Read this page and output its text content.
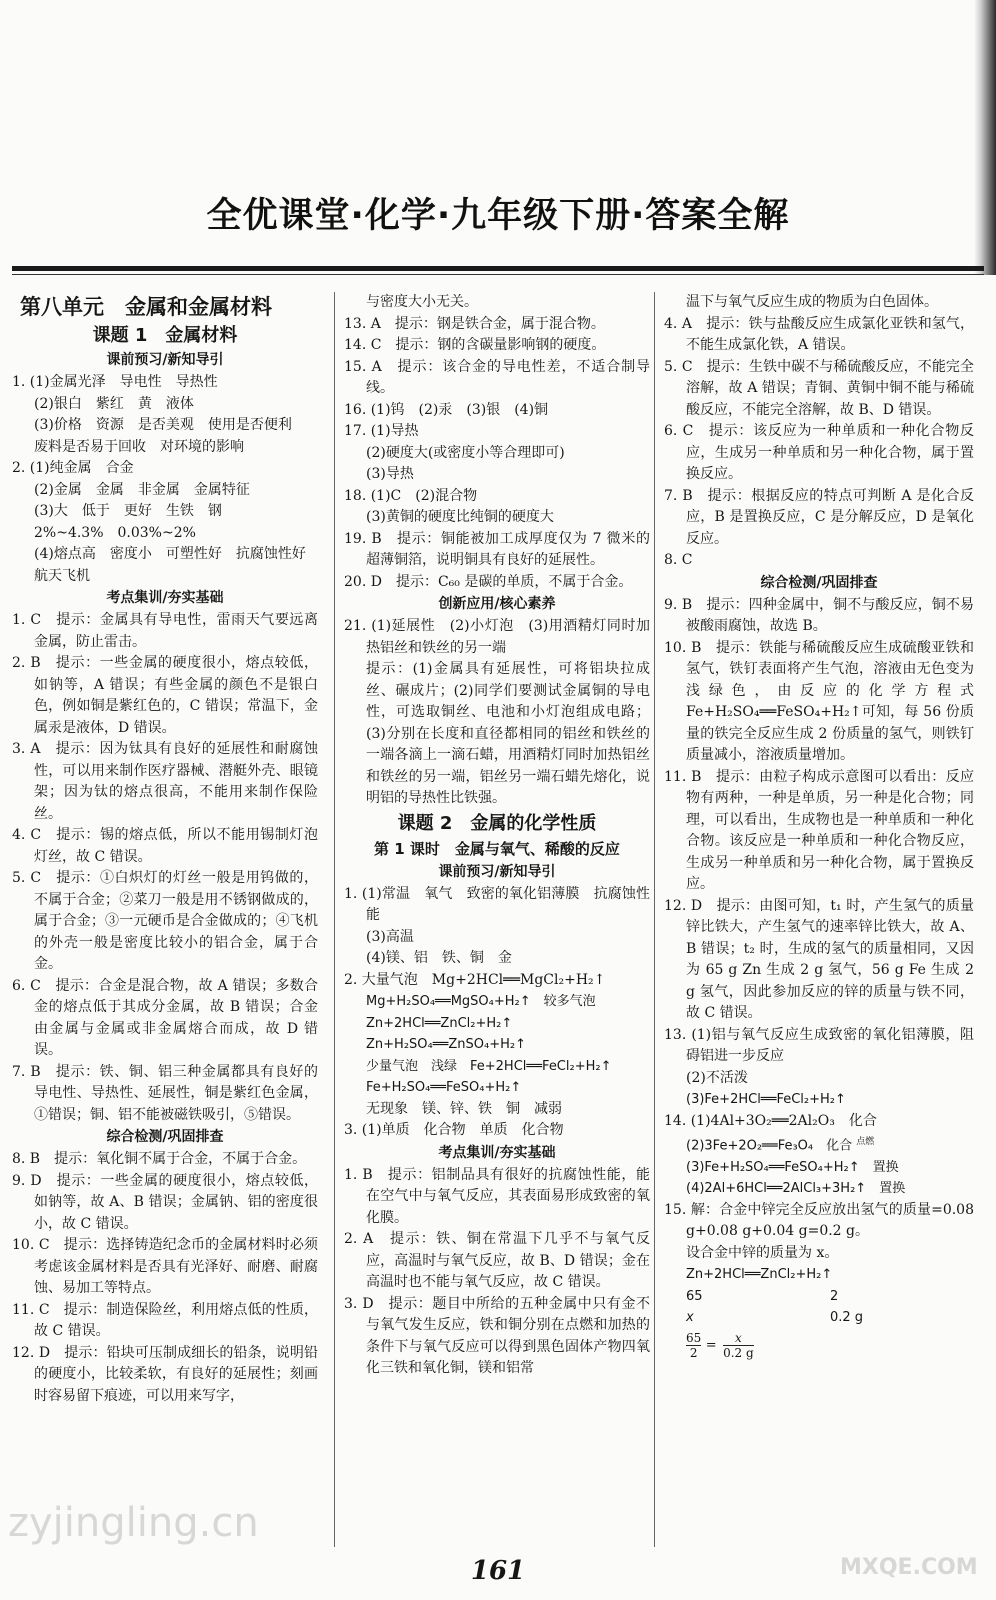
全优课堂·化学·九年级下册·答案全解
第八单元　金属和金属材料
课题 1　金属材料
课前预习/新知导引

1. (1)金属光泽　导电性　导热性

(2)银白　紫红　黄　液体

(3)价格　资源　是否美观　使用是否便利　废料是否易于回收　对环境的影响

2. (1)纯金属　合金

(2)金属　金属　非金属　金属特征

(3)大　低于　更好　生铁　钢

2%~4.3%　0.03%~2%

(4)熔点高　密度小　可塑性好　抗腐蚀性好　航天飞机

考点集训/夯实基础

1. C　提示：金属具有导电性，雷雨天气要远离金属，防止雷击。

2. B　提示：一些金属的硬度很小，熔点较低，如钠等，A 错误；有些金属的颜色不是银白色，例如铜是紫红色的，C 错误；常温下，金属汞是液体，D 错误。

3. A　提示：因为钛具有良好的延展性和耐腐蚀性，可以用来制作医疗器械、潜艇外壳、眼镜架；因为钛的熔点很高，不能用来制作保险丝。

4. C　提示：锡的熔点低，所以不能用锡制灯泡灯丝，故 C 错误。

5. C　提示：①白炽灯的灯丝一般是用钨做的，不属于合金；②菜刀一般是用不锈钢做成的，属于合金；③一元硬币是合金做成的；④飞机的外壳一般是密度比较小的铝合金，属于合金。

6. C　提示：合金是混合物，故 A 错误；多数合金的熔点低于其成分金属，故 B 错误；合金由金属与金属或非金属熔合而成，故 D 错误。

7. B　提示：铁、铜、铝三种金属都具有良好的导电性、导热性、延展性，铜是紫红色金属，①错误；铜、铝不能被磁铁吸引，⑤错误。

综合检测/巩固排查

8. B　提示：氧化铜不属于合金，不属于合金。

9. D　提示：一些金属的硬度很小，熔点较低，如钠等，故 A、B 错误；金属钠、铝的密度很小，故 C 错误。

10. C　提示：选择铸造纪念币的金属材料时必须考虑该金属材料是否具有光泽好、耐磨、耐腐蚀、易加工等特点。

11. C　提示：制造保险丝，利用熔点低的性质，故 C 错误。

12. D　提示：铅块可压制成细长的铅条，说明铅的硬度小，比较柔软，有良好的延展性；刻画时容易留下痕迹，可以用来写字，

与密度大小无关。

13. A　提示：钢是铁合金，属于混合物。

14. C　提示：钢的含碳量影响钢的硬度。

15. A　提示：该合金的导电性差，不适合制导线。

16. (1)钨　(2)汞　(3)银　(4)铜

17. (1)导热

(2)硬度大(或密度小等合理即可)

(3)导热

18. (1)C　(2)混合物

(3)黄铜的硬度比纯铜的硬度大

19. B　提示：铜能被加工成厚度仅为 7 微米的超薄铜箔，说明铜具有良好的延展性。

20. D　提示：C₆₀ 是碳的单质，不属于合金。

创新应用/核心素养

21. (1)延展性　(2)小灯泡　(3)用酒精灯同时加热铝丝和铁丝的另一端

提示：(1)金属具有延展性，可将铝块拉成丝、碾成片；(2)同学们要测试金属铜的导电性，可选取铜丝、电池和小灯泡组成电路；(3)分别在长度和直径都相同的铝丝和铁丝的一端各滴上一滴石蜡，用酒精灯同时加热铝丝和铁丝的另一端，铝丝另一端石蜡先熔化，说明铝的导热性比铁强。

课题 2　金属的化学性质
第 1 课时　金属与氧气、稀酸的反应
课前预习/新知导引

1. (1)常温　氧气　致密的氧化铝薄膜　抗腐蚀性能

(3)高温

(4)镁、铝　铁、铜　金

2. 大量气泡　Mg+2HCl══MgCl₂+H₂↑

Mg+H₂SO₄══MgSO₄+H₂↑　较多气泡

Zn+2HCl══ZnCl₂+H₂↑

Zn+H₂SO₄══ZnSO₄+H₂↑

少量气泡　浅绿　Fe+2HCl══FeCl₂+H₂↑

Fe+H₂SO₄══FeSO₄+H₂↑

无现象　镁、锌、铁　铜　减弱

3. (1)单质　化合物　单质　化合物

考点集训/夯实基础

1. B　提示：铝制品具有很好的抗腐蚀性能，能在空气中与氧气反应，其表面易形成致密的氧化膜。

2. A　提示：铁、铜在常温下几乎不与氧气反应，高温时与氧气反应，故 B、D 错误；金在高温时也不能与氧气反应，故 C 错误。

3. D　提示：题目中所给的五种金属中只有金不与氧气发生反应，铁和铜分别在点燃和加热的条件下与氧气反应可以得到黑色固体产物四氧化三铁和氧化铜，镁和铝常

温下与氧气反应生成的物质为白色固体。

4. A　提示：铁与盐酸反应生成氯化亚铁和氢气，不能生成氯化铁，A 错误。

5. C　提示：生铁中碳不与稀硫酸反应，不能完全溶解，故 A 错误；青铜、黄铜中铜不能与稀硫酸反应，不能完全溶解，故 B、D 错误。

6. C　提示：该反应为一种单质和一种化合物反应，生成另一种单质和另一种化合物，属于置换反应。

7. B　提示：根据反应的特点可判断 A 是化合反应，B 是置换反应，C 是分解反应，D 是氧化反应。

8. C

综合检测/巩固排查

9. B　提示：四种金属中，铜不与酸反应，铜不易被酸雨腐蚀，故选 B。

10. B　提示：铁能与稀硫酸反应生成硫酸亚铁和氢气，铁钉表面将产生气泡，溶液由无色变为浅绿色，由反应的化学方程式 Fe+H₂SO₄══FeSO₄+H₂↑可知，每 56 份质量的铁完全反应生成 2 份质量的氢气，则铁钉质量减小，溶液质量增加。

11. B　提示：由粒子构成示意图可以看出：反应物有两种，一种是单质，另一种是化合物；同理，可以看出，生成物也是一种单质和一种化合物。该反应是一种单质和一种化合物反应，生成另一种单质和另一种化合物，属于置换反应。

12. D　提示：由图可知，t₁ 时，产生氢气的质量锌比铁大，产生氢气的速率锌比铁大，故 A、B 错误；t₂ 时，生成的氢气的质量相同，又因为 65 g Zn 生成 2 g 氢气，56 g Fe 生成 2 g 氢气，因此参加反应的锌的质量与铁不同，故 C 错误。

13. (1)铝与氧气反应生成致密的氧化铝薄膜，阻碍铝进一步反应

(2)不活泼

(3)Fe+2HCl══FeCl₂+H₂↑

14. (1)4Al+3O₂══2Al₂O₃　化合

(2)3Fe+2O₂══Fe₃O₄　化合 $^{点燃}$

(3)Fe+H₂SO₄══FeSO₄+H₂↑　置换

(4)2Al+6HCl══2AlCl₃+3H₂↑　置换

15. 解：合金中锌完全反应放出氢气的质量=0.08 g+0.08 g+0.04 g=0.2 g。

设合金中锌的质量为 x。

Zn+2HCl══ZnCl₂+H₂↑

65	2
x	0.2 g
$\frac{65}{2} = \frac{x}{0.2 g}$
161
zyjingling.cn
MXQE.COM
